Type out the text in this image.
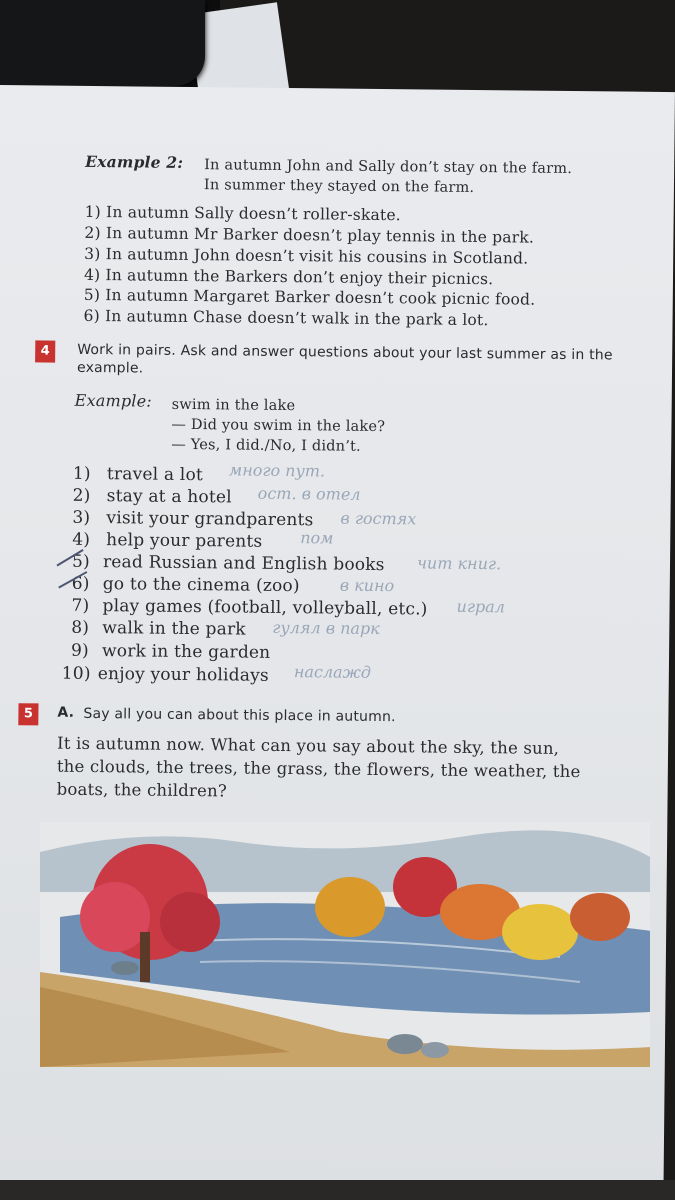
Example 2: In autumn John and Sally don’t stay on the farm.
In summer they stayed on the farm.
1) In autumn Sally doesn’t roller-skate.
2) In autumn Mr Barker doesn’t play tennis in the park.
3) In autumn John doesn’t visit his cousins in Scotland.
4) In autumn the Barkers don’t enjoy their picnics.
5) In autumn Margaret Barker doesn’t cook picnic food.
6) In autumn Chase doesn’t walk in the park a lot.
4	Work in pairs. Ask and answer questions about your last summer as in the
example.
Example: swim in the lake
— Did you swim in the lake?
— Yes, I did./No, I didn’t.
1) travel a lot
2) stay at a hotel
3) visit your grandparents
4) help your parents
5) read Russian and English books
6) go to the cinema (zoo)
7) play games (football, volleyball, etc.)
8) walk in the park
9) work in the garden
10) enjoy your holidays
много пут.
ост. в отел
в гостях
пом
чит книг.
в кино
играл
гулял в парк
наслажд
5	A. Say all you can about this place in autumn.
It is autumn now. What can you say about the sky, the sun,
the clouds, the trees, the grass, the flowers, the weather, the
boats, the children?
